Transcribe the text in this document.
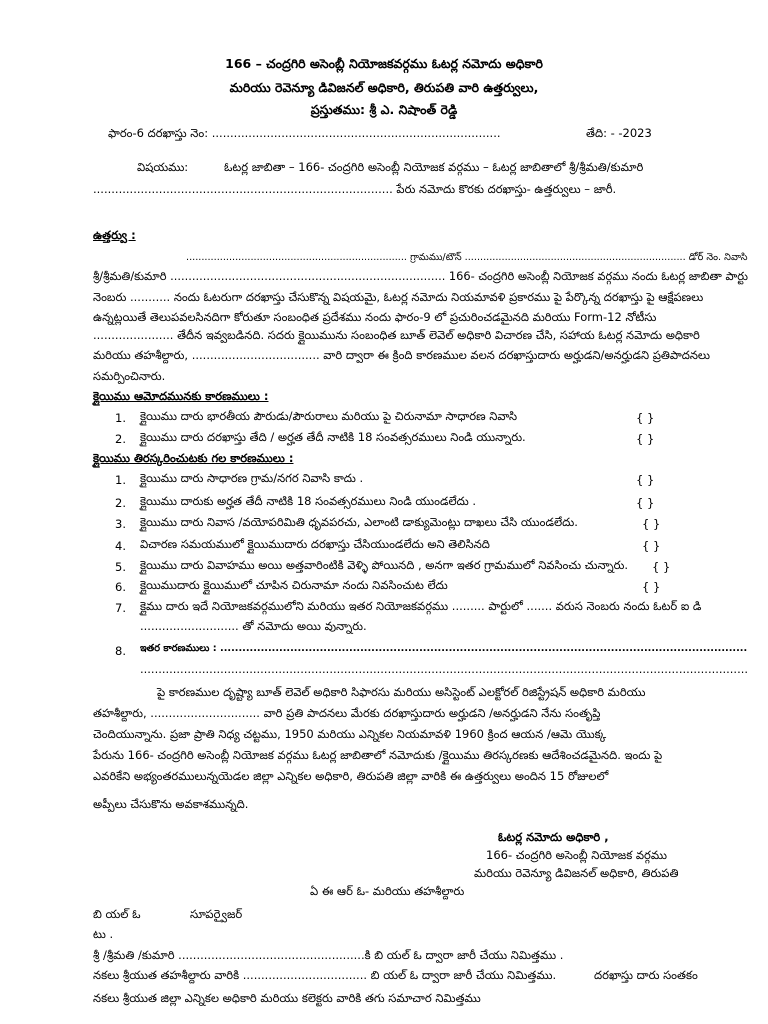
166 – చంద్రగిరి అసెంబ్లీ నియోజకవర్గము ఓటర్ల నమోదు అధికారి
మరియు రెవెన్యూ డివిజనల్ అధికారి, తిరుపతి వారి ఉత్తర్వులు,
ప్రస్తుతము: శ్రీ ఎ. నిషాంత్ రెడ్డి
ఫారం-6 దరఖాస్తు నెం: ...............................................................................	తేది: - -2023
విషయము:	ఓటర్ల జాబితా – 166- చంద్రగిరి అసెంబ్లీ నియోజక వర్గము – ఓటర్ల జాబితాలో శ్రీ/శ్రీమతి/కుమారి
.................................................................................. పేరు నమోదు కొరకు దరఖాస్తు- ఉత్తర్వులు – జారీ.
ఉత్తర్వు :
........................................................................ గ్రామము/టౌన్ ........................................................................ డోర్ నెం. నివాసి
శ్రీ/శ్రీమతి/కుమారి ............................................................................ 166- చంద్రగిరి అసెంబ్లీ నియోజక వర్గము నందు ఓటర్ల జాబితా పార్టు
నెంబరు ........... నందు ఓటరుగా దరఖాస్తు చేసుకొన్న విషయమై, ఓటర్ల నమోదు నియమావళి ప్రకారము పై పేర్కొన్న దరఖాస్తు పై ఆక్షేపణలు
ఉన్నట్లయితే తెలుపవలసినదిగా కోరుతూ సంబంధిత ప్రదేశము నందు ఫారం-9 లో ప్రచురించడమైనది మరియు Form-12 నోటీసు
...................... తేదీన ఇవ్వబడినది. సదరు క్లైయిమును సంబంధిత బూత్ లెవెల్ అధికారి విచారణ చేసి, సహాయ ఓటర్ల నమోదు అధికారి
మరియు తహశీల్దారు, ................................... వారి ద్వారా ఈ క్రింది కారణముల వలన దరఖాస్తుదారు అర్హుడని/అనర్హుడని ప్రతిపాదనలు
సమర్పించినారు.
క్లైయిము ఆమోదమునకు కారణములు :
1. క్లైయిము దారు భారతీయ పౌరుడు/పౌరురాలు మరియు పై చిరునామా సాధారణ నివాసి	{ }
2. క్లైయిము దారు దరఖాస్తు తేది / అర్హత తేదీ నాటికి 18 సంవత్సరములు నిండి యున్నారు.	{ }
క్లైయిము తిరస్కరించుటకు గల కారణములు :
1. క్లైయిము దారు సాధారణ గ్రామ/నగర నివాసి కాదు .	{ }
2. క్లైయిము దారుకు అర్హత తేదీ నాటికి 18 సంవత్సరములు నిండి యుండలేదు .	{ }
3. క్లైయిము దారు నివాస /వయోపరిమితి ధృవపరచు, ఎలాంటి డాక్యుమెంట్లు దాఖలు చేసి యుండలేదు.	{ }
4. విచారణ సమయములో క్లైయిముదారు దరఖాస్తు చేసియుండలేదు అని తెలిసినది	{ }
5. క్లైయిము దారు వివాహము అయి అత్తవారింటికి వెళ్ళి పోయినది , అనగా ఇతర గ్రామములో నివసించు చున్నారు. { }
6. క్లైయిముదారు క్లైయిములో చూపిన చిరునామా నందు నివసించుట లేదు	{ }
7. క్లైము దారు ఇదే నియోజకవర్గములోని మరియు ఇతర నియోజకవర్గము ......... పార్టులో ....... వరుస నెంబరు నందు ఓటర్ ఐ డి
........................... తో నమోదు అయి వున్నారు.
8. ఇతర కారణములు : ...............................................................................................................................................
.......................................................................................................................................................................
పై కారణముల దృష్ట్యా బూత్ లెవెల్ అధికారి సిఫారసు మరియు అసిస్టెంట్ ఎలక్టోరల్ రిజిస్ట్రేషన్ అధికారి మరియు
తహశీల్దారు, .............................. వారి ప్రతి పాదనలు మేరకు దరఖాస్తుదారు అర్హుడని /అనర్హుడని నేను సంతృప్తి
చెందియున్నాను. ప్రజా ప్రాతి నిధ్య చట్టము, 1950 మరియు ఎన్నికల నియమావళి 1960 క్రింద ఆయన /ఆమె యొక్క
పేరును 166- చంద్రగిరి అసెంబ్లీ నియోజక వర్గము ఓటర్ల జాబితాలో నమోదుకు /క్లైయిము తిరస్కరణకు ఆదేశించడమైనది. ఇందు పై
ఎవరికేని అభ్యంతరములున్నయెడల జిల్లా ఎన్నికల అధికారి, తిరుపతి జిల్లా వారికి ఈ ఉత్తర్వులు అందిన 15 రోజులలో
అప్పీలు చేసుకొను అవకాశమున్నది.
ఓటర్ల నమోదు అధికారి ,
166- చంద్రగిరి అసెంబ్లీ నియోజక వర్గము
మరియు రెవెన్యూ డివిజనల్ అధికారి, తిరుపతి
ఏ ఈ ఆర్ ఓ- మరియు తహశీల్దారు
బి యల్ ఓ	సూపర్వైజర్
టు .
శ్రీ /శ్రీమతి /కుమారి ...................................................కి బి యల్ ఓ ద్వారా జారీ చేయు నిమిత్తము .
నకలు శ్రీయుత తహశీల్దారు వారికి .................................. బి యల్ ఓ ద్వారా జారీ చేయు నిమిత్తము.	దరఖాస్తు దారు సంతకం
నకలు శ్రీయుత జిల్లా ఎన్నికల అధికారి మరియు కలెక్టరు వారికి తగు సమాచార నిమిత్తము
